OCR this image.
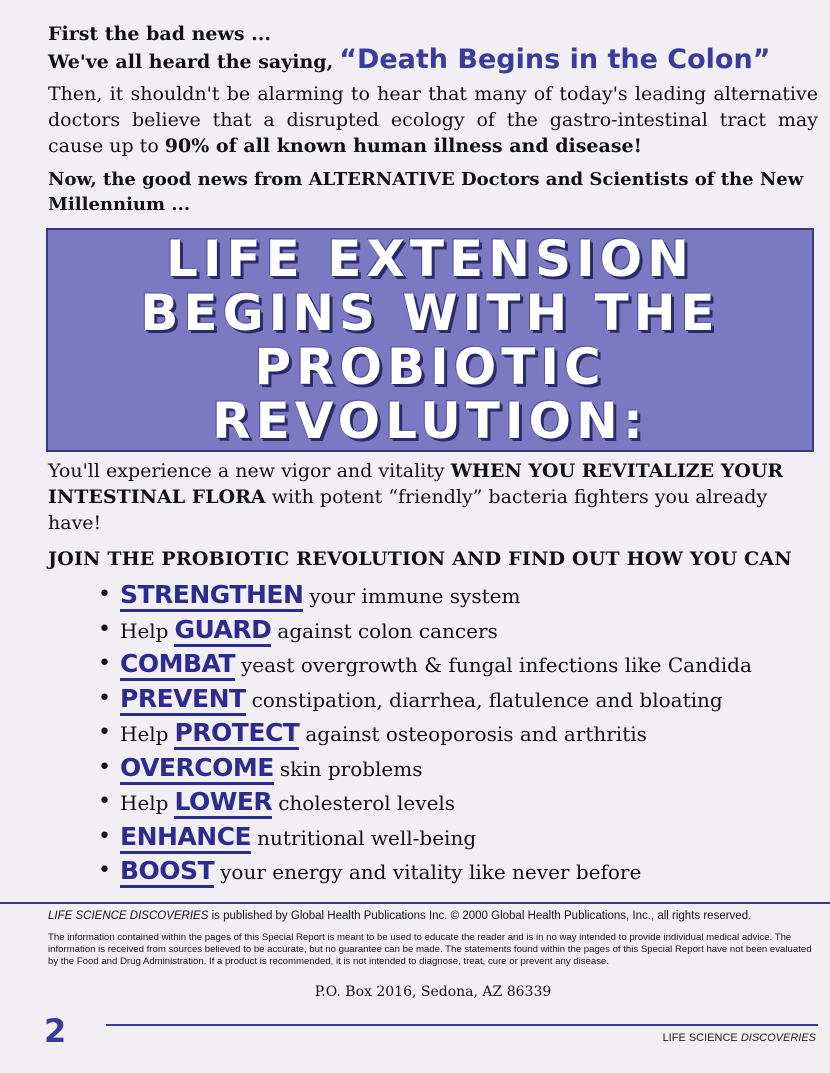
First the bad news ...

We've all heard the saying, “Death Begins in the Colon”

Then, it shouldn't be alarming to hear that many of today's leading alternative doctors believe that a disrupted ecology of the gastro-intestinal tract may cause up to 90% of all known human illness and disease!

Now, the good news from ALTERNATIVE Doctors and Scientists of the New Millennium ...

LIFE EXTENSION
BEGINS WITH THE
PROBIOTIC
REVOLUTION:

You'll experience a new vigor and vitality WHEN YOU REVITALIZE YOUR INTESTINAL FLORA with potent “friendly” bacteria fighters you already have!

JOIN THE PROBIOTIC REVOLUTION AND FIND OUT HOW YOU CAN

• STRENGTHEN your immune system
• Help GUARD against colon cancers
• COMBAT yeast overgrowth & fungal infections like Candida
• PREVENT constipation, diarrhea, flatulence and bloating
• Help PROTECT against osteoporosis and arthritis
• OVERCOME skin problems
• Help LOWER cholesterol levels
• ENHANCE nutritional well-being
• BOOST your energy and vitality like never before

LIFE SCIENCE DISCOVERIES is published by Global Health Publications Inc. © 2000 Global Health Publications, Inc., all rights reserved.

The information contained within the pages of this Special Report is meant to be used to educate the reader and is in no way intended to provide individual medical advice. The information is received from sources believed to be accurate, but no guarantee can be made. The statements found within the pages of this Special Report have not been evaluated by the Food and Drug Administration. If a product is recommended, it is not intended to diagnose, treat, cure or prevent any disease.

P.O. Box 2016, Sedona, AZ 86339

2	LIFE SCIENCE DISCOVERIES
